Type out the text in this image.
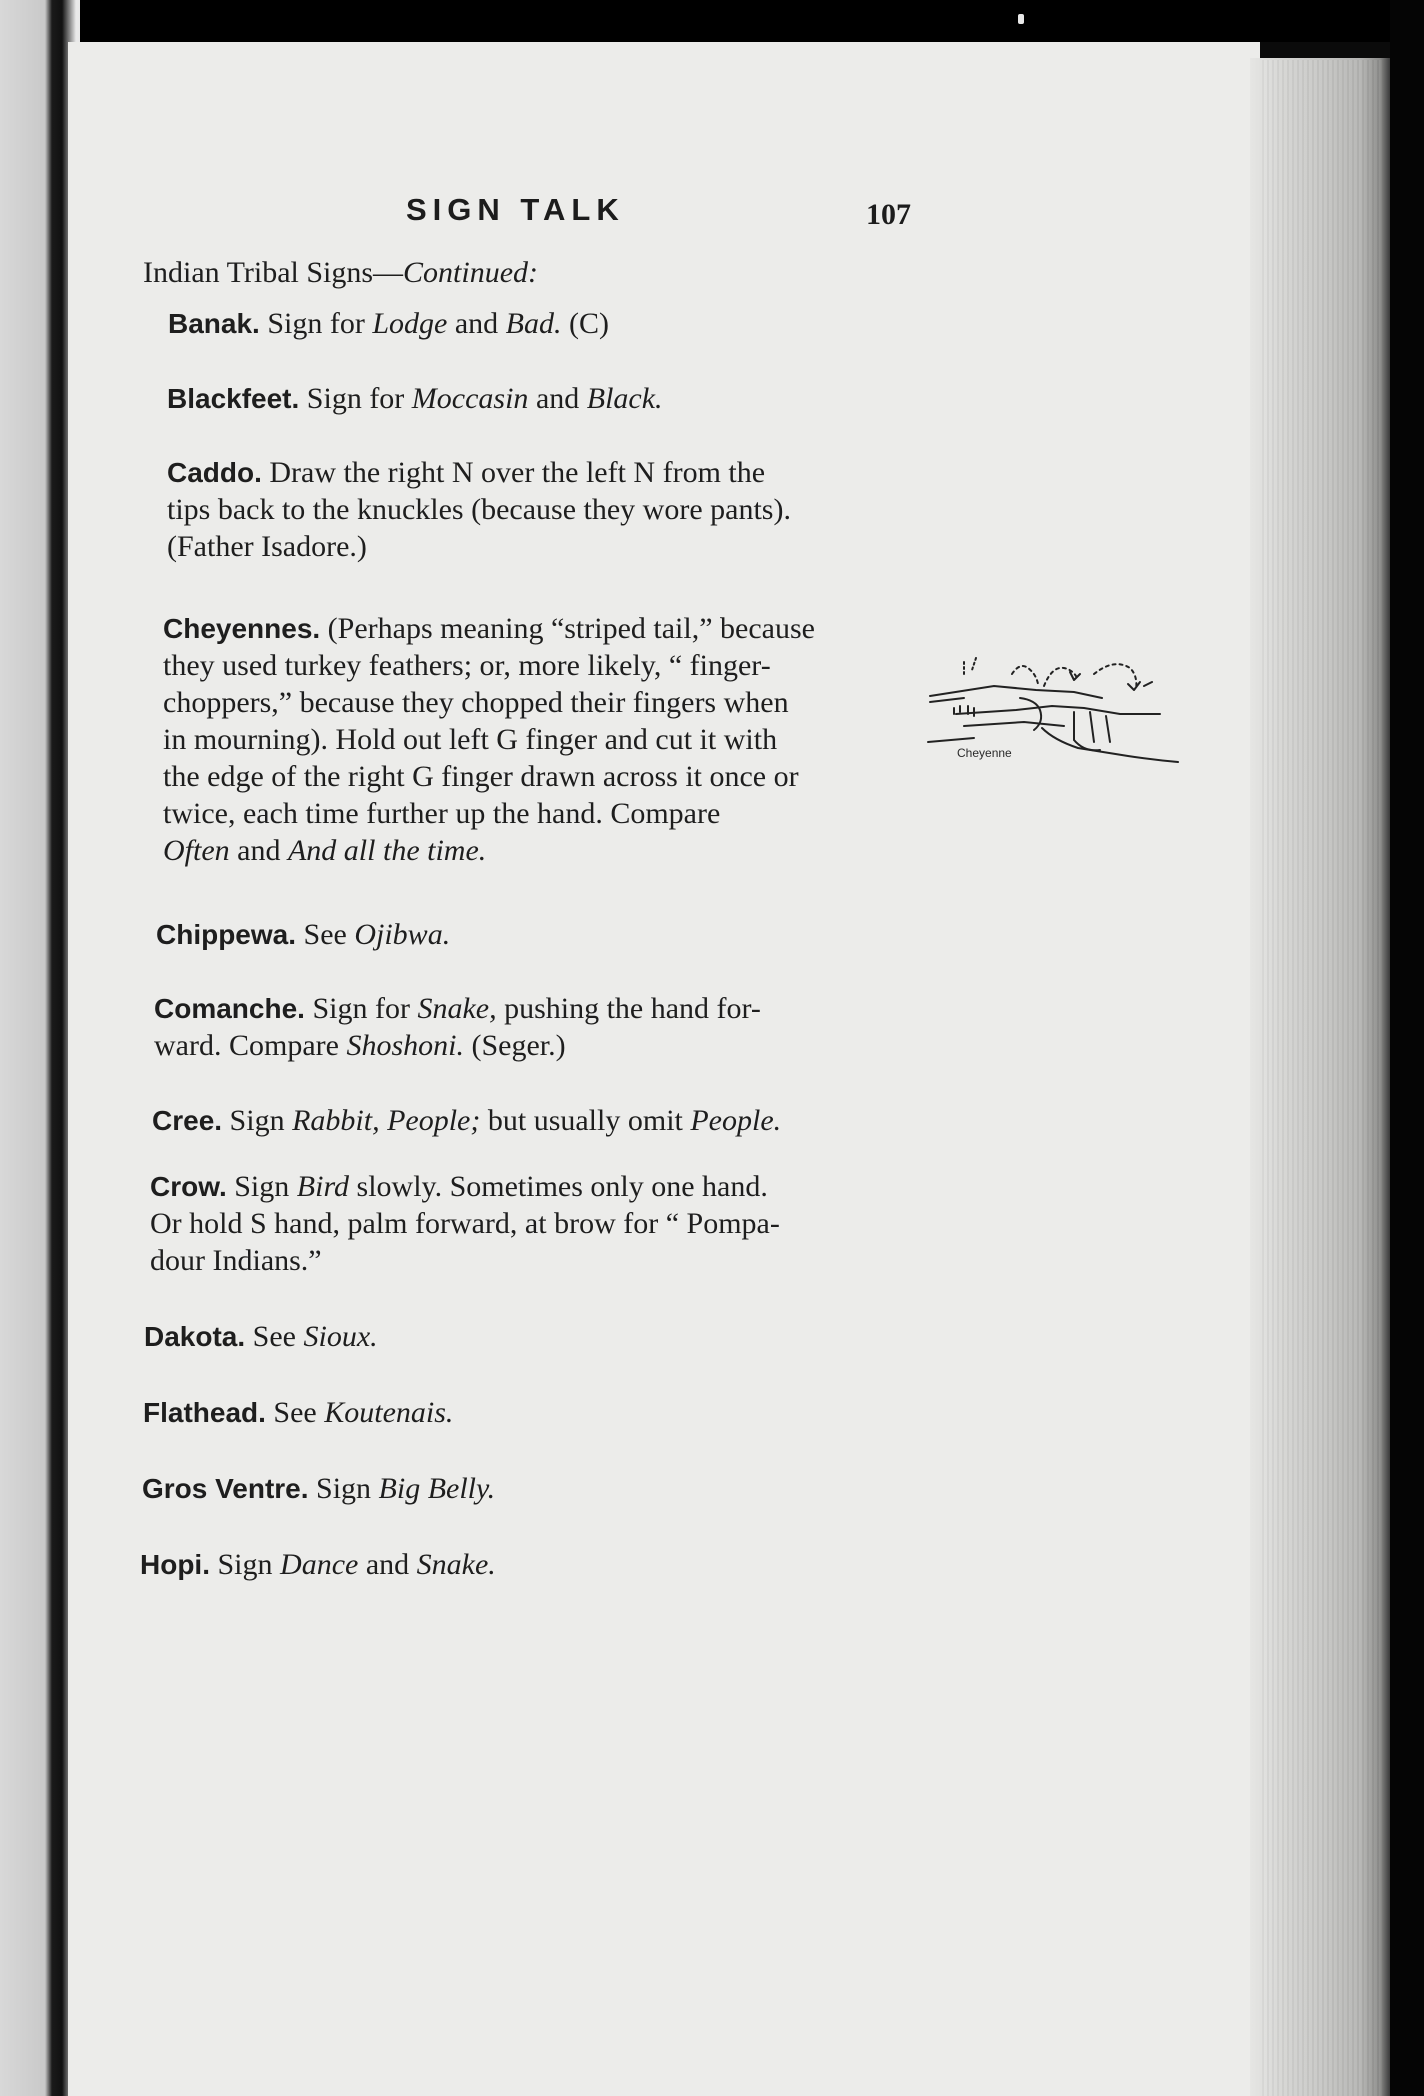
SIGN TALK	107
Indian Tribal Signs—Continued:
Banak. Sign for Lodge and Bad. (C)
Blackfeet. Sign for Moccasin and Black.
Caddo. Draw the right N over the left N from the
tips back to the knuckles (because they wore pants).
(Father Isadore.)
Cheyennes. (Perhaps meaning “striped tail,” because
they used turkey feathers; or, more likely, “ finger-
choppers,” because they chopped their fingers when
in mourning). Hold out left G finger and cut it with
the edge of the right G finger drawn across it once or
twice, each time further up the hand. Compare
Often and And all the time.
Cheyenne
Chippewa. See Ojibwa.
Comanche. Sign for Snake, pushing the hand for-
ward. Compare Shoshoni. (Seger.)
Cree. Sign Rabbit, People; but usually omit People.
Crow. Sign Bird slowly. Sometimes only one hand.
Or hold S hand, palm forward, at brow for “ Pompa-
dour Indians.”
Dakota. See Sioux.
Flathead. See Koutenais.
Gros Ventre. Sign Big Belly.
Hopi. Sign Dance and Snake.
